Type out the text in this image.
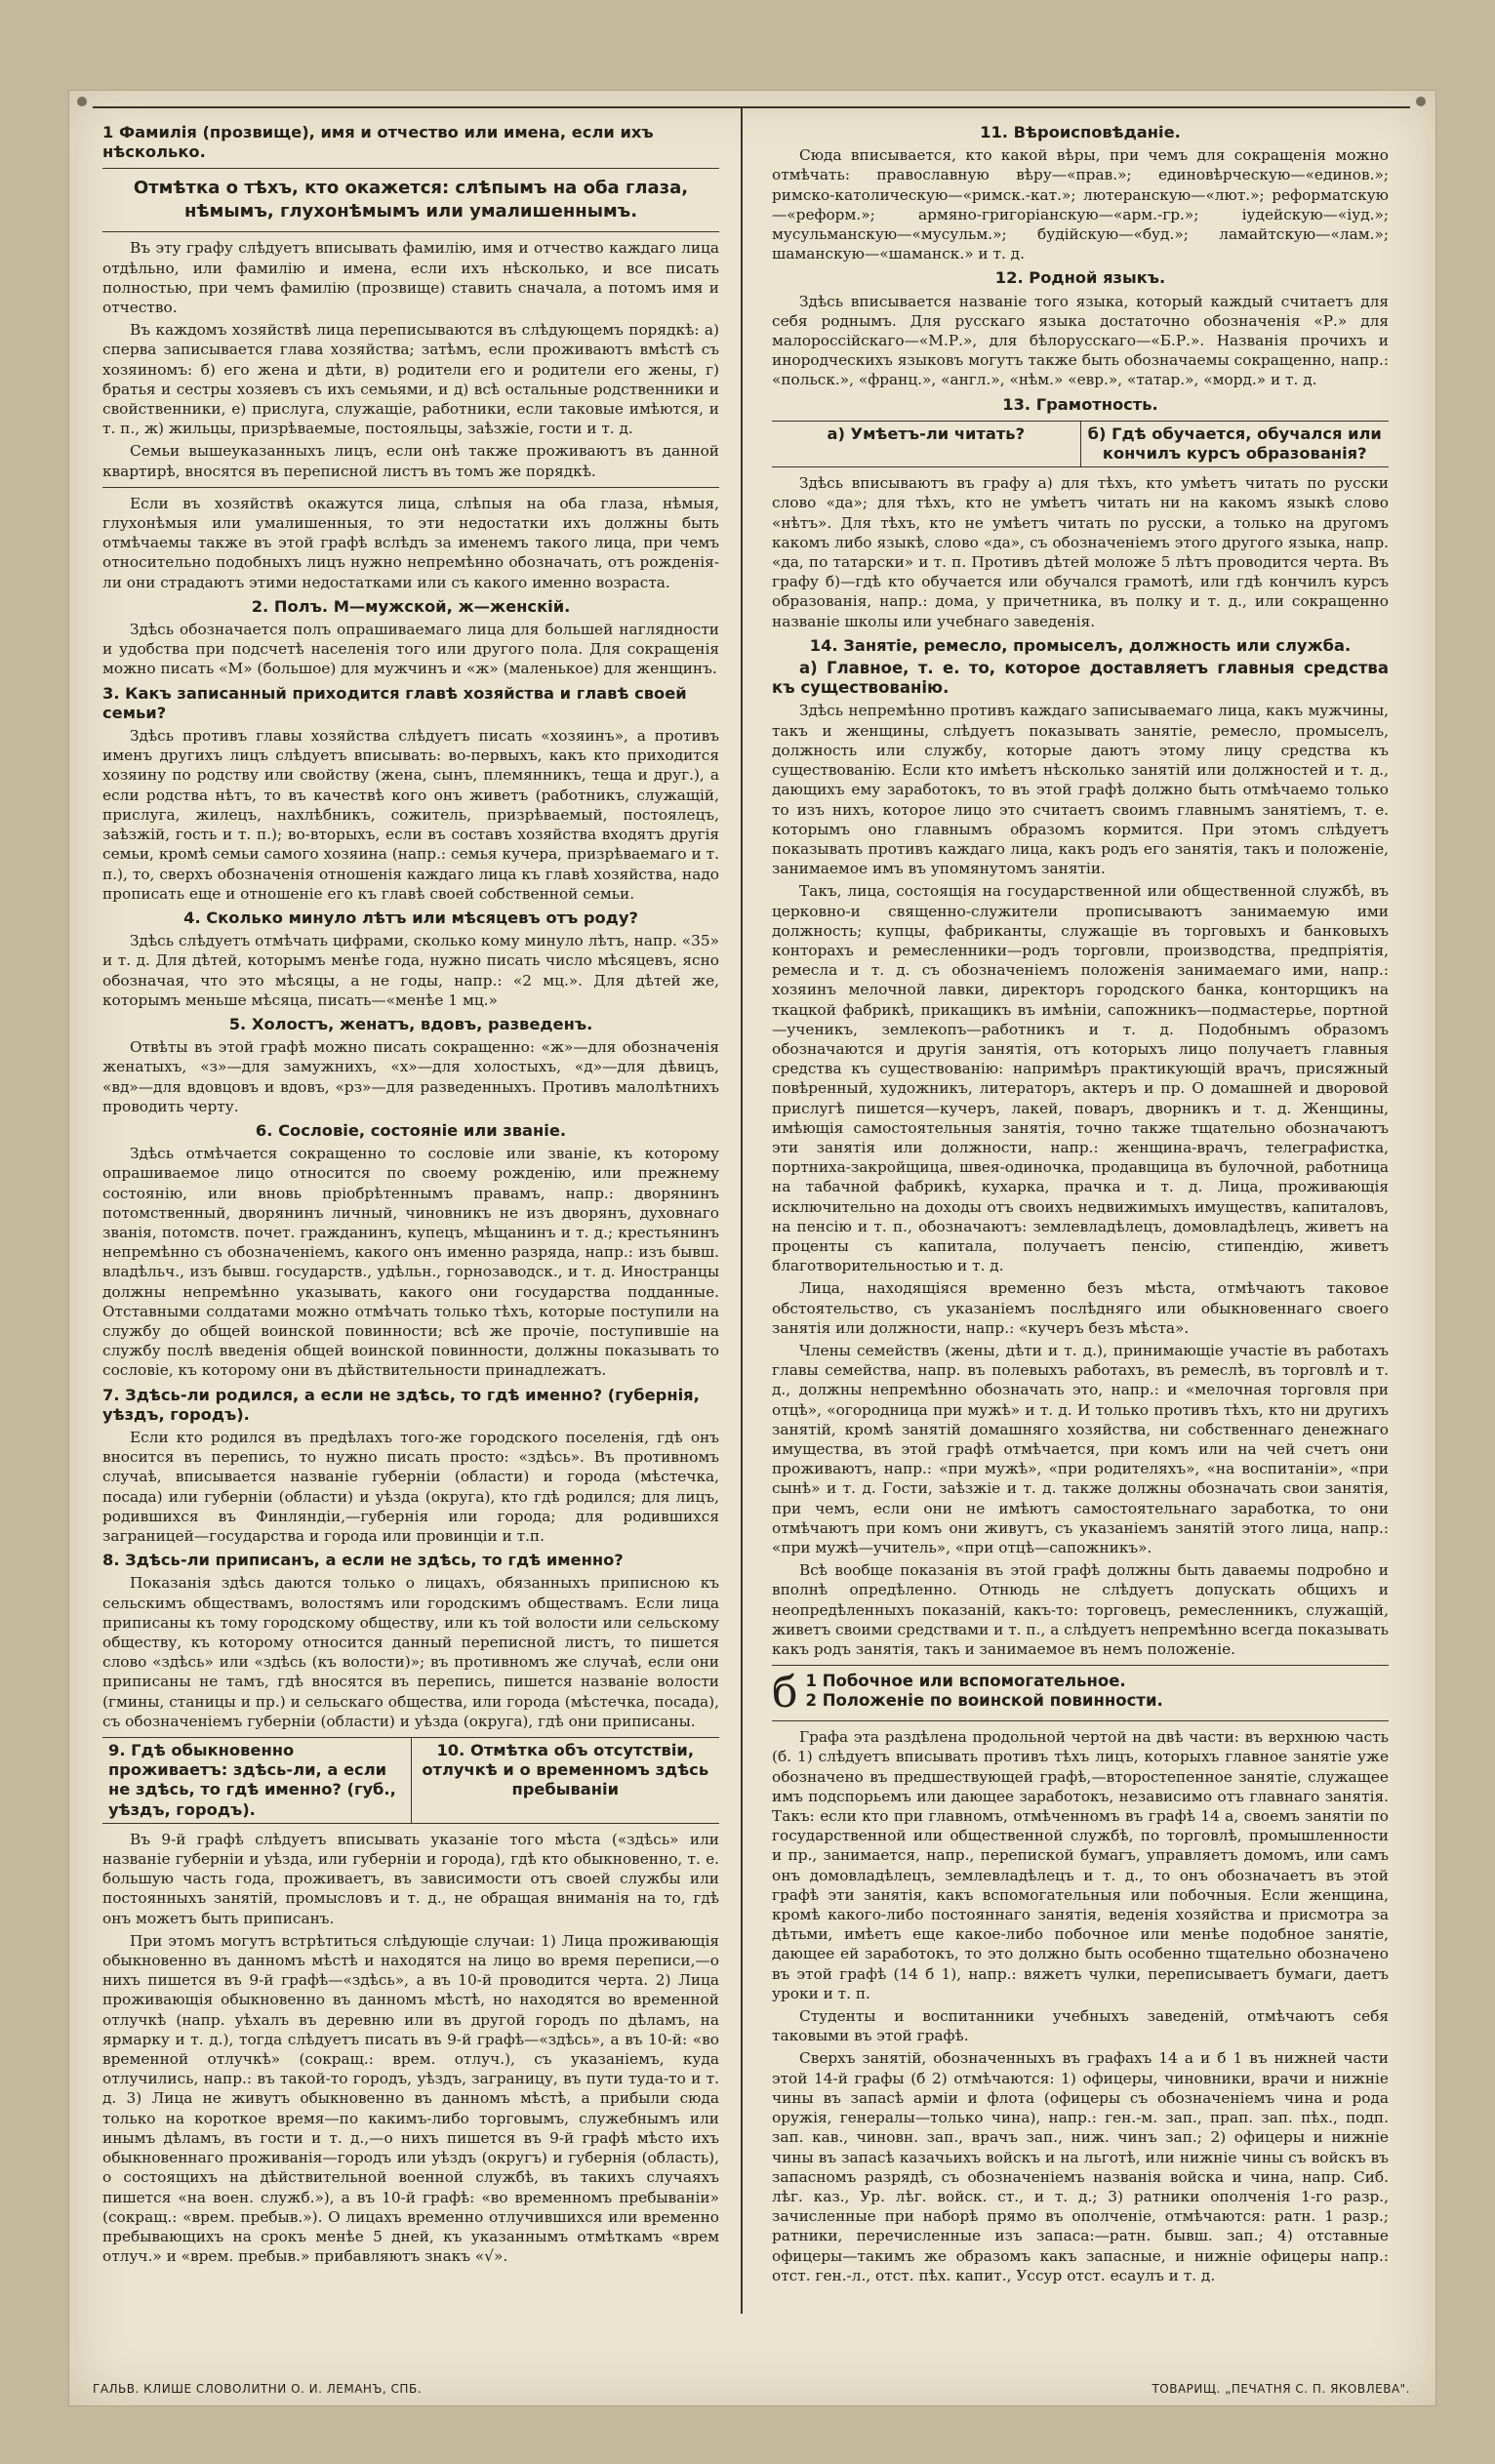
1 Фамилія (прозвище), имя и отчество или имена, если ихъ нѣсколько.
Отмѣтка о тѣхъ, кто окажется: слѣпымъ на оба глаза, нѣмымъ, глухонѣмымъ или умалишеннымъ.

Въ эту графу слѣдуетъ вписывать фамилію, имя и отчество каждаго лица отдѣльно, или фамилію и имена, если ихъ нѣсколько, и все писать полностью, при чемъ фамилію (прозвище) ставить сначала, а потомъ имя и отчество.

Въ каждомъ хозяйствѣ лица переписываются въ слѣдующемъ порядкѣ: а) сперва записывается глава хозяйства; затѣмъ, если проживаютъ вмѣстѣ съ хозяиномъ: б) его жена и дѣти, в) родители его и родители его жены, г) братья и сестры хозяевъ съ ихъ семьями, и д) всѣ остальные родственники и свойственники, е) прислуга, служащіе, работники, если таковые имѣются, и т. п., ж) жильцы, призрѣваемые, постояльцы, заѣзжіе, гости и т. д.

Семьи вышеуказанныхъ лицъ, если онѣ также проживаютъ въ данной квартирѣ, вносятся въ переписной листъ въ томъ же порядкѣ.

Если въ хозяйствѣ окажутся лица, слѣпыя на оба глаза, нѣмыя, глухонѣмыя или умалишенныя, то эти недостатки ихъ должны быть отмѣчаемы также въ этой графѣ вслѣдъ за именемъ такого лица, при чемъ относительно подобныхъ лицъ нужно непремѣнно обозначать, отъ рожденія-ли они страдаютъ этими недостатками или съ какого именно возраста.

2. Полъ. М—мужской, ж—женскій.

Здѣсь обозначается полъ опрашиваемаго лица для большей наглядности и удобства при подсчетѣ населенія того или другого пола. Для сокращенія можно писать «М» (большое) для мужчинъ и «ж» (маленькое) для женщинъ.

3. Какъ записанный приходится главѣ хозяйства и главѣ своей семьи?

Здѣсь противъ главы хозяйства слѣдуетъ писать «хозяинъ», а противъ именъ другихъ лицъ слѣдуетъ вписывать: во-первыхъ, какъ кто приходится хозяину по родству или свойству (жена, сынъ, племянникъ, теща и друг.), а если родства нѣтъ, то въ качествѣ кого онъ живетъ (работникъ, служащій, прислуга, жилецъ, нахлѣбникъ, сожитель, призрѣваемый, постоялецъ, заѣзжій, гость и т. п.); во-вторыхъ, если въ составъ хозяйства входятъ другія семьи, кромѣ семьи самого хозяина (напр.: семья кучера, призрѣваемаго и т. п.), то, сверхъ обозначенія отношенія каждаго лица къ главѣ хозяйства, надо прописать еще и отношеніе его къ главѣ своей собственной семьи.

4. Сколько минуло лѣтъ или мѣсяцевъ отъ роду?

Здѣсь слѣдуетъ отмѣчать цифрами, сколько кому минуло лѣтъ, напр. «35» и т. д. Для дѣтей, которымъ менѣе года, нужно писать число мѣсяцевъ, ясно обозначая, что это мѣсяцы, а не годы, напр.: «2 мц.». Для дѣтей же, которымъ меньше мѣсяца, писать—«менѣе 1 мц.»

5. Холостъ, женатъ, вдовъ, разведенъ.

Отвѣты въ этой графѣ можно писать сокращенно: «ж»—для обозначенія женатыхъ, «з»—для замужнихъ, «х»—для холостыхъ, «д»—для дѣвицъ, «вд»—для вдовцовъ и вдовъ, «рз»—для разведенныхъ. Противъ малолѣтнихъ проводить черту.

6. Сословіе, состояніе или званіе.

Здѣсь отмѣчается сокращенно то сословіе или званіе, къ которому опрашиваемое лицо относится по своему рожденію, или прежнему состоянію, или вновь пріобрѣтеннымъ правамъ, напр.: дворянинъ потомственный, дворянинъ личный, чиновникъ не изъ дворянъ, духовнаго званія, потомств. почет. гражданинъ, купецъ, мѣщанинъ и т. д.; крестьянинъ непремѣнно съ обозначеніемъ, какого онъ именно разряда, напр.: изъ бывш. владѣльч., изъ бывш. государств., удѣльн., горнозаводск., и т. д. Иностранцы должны непремѣнно указывать, какого они государства подданные. Отставными солдатами можно отмѣчать только тѣхъ, которые поступили на службу до общей воинской повинности; всѣ же прочіе, поступившіе на службу послѣ введенія общей воинской повинности, должны показывать то сословіе, къ которому они въ дѣйствительности принадлежатъ.

7. Здѣсь-ли родился, а если не здѣсь, то гдѣ именно? (губернія, уѣздъ, городъ).

Если кто родился въ предѣлахъ того-же городского поселенія, гдѣ онъ вносится въ перепись, то нужно писать просто: «здѣсь». Въ противномъ случаѣ, вписывается названіе губерніи (области) и города (мѣстечка, посада) или губерніи (области) и уѣзда (округа), кто гдѣ родился; для лицъ, родившихся въ Финляндіи,—губернія или города; для родившихся заграницей—государства и города или провинціи и т.п.

8. Здѣсь-ли приписанъ, а если не здѣсь, то гдѣ именно?

Показанія здѣсь даются только о лицахъ, обязанныхъ приписною къ сельскимъ обществамъ, волостямъ или городскимъ обществамъ. Если лица приписаны къ тому городскому обществу, или къ той волости или сельскому обществу, къ которому относится данный переписной листъ, то пишется слово «здѣсь» или «здѣсь (къ волости)»; въ противномъ же случаѣ, если они приписаны не тамъ, гдѣ вносятся въ перепись, пишется названіе волости (гмины, станицы и пр.) и сельскаго общества, или города (мѣстечка, посада), съ обозначеніемъ губерніи (области) и уѣзда (округа), гдѣ они приписаны.

9. Гдѣ обыкновенно проживаетъ: здѣсь-ли, а если не здѣсь, то гдѣ именно? (губ., уѣздъ, городъ).
10. Отмѣтка объ отсутствіи, отлучкѣ и о временномъ здѣсь пребываніи

Въ 9-й графѣ слѣдуетъ вписывать указаніе того мѣста («здѣсь» или названіе губерніи и уѣзда, или губерніи и города), гдѣ кто обыкновенно, т. е. большую часть года, проживаетъ, въ зависимости отъ своей службы или постоянныхъ занятій, промысловъ и т. д., не обращая вниманія на то, гдѣ онъ можетъ быть приписанъ.

При этомъ могутъ встрѣтиться слѣдующіе случаи: 1) Лица проживающія обыкновенно въ данномъ мѣстѣ и находятся на лицо во время переписи,—о нихъ пишется въ 9-й графѣ—«здѣсь», а въ 10-й проводится черта. 2) Лица проживающія обыкновенно въ данномъ мѣстѣ, но находятся во временной отлучкѣ (напр. уѣхалъ въ деревню или въ другой городъ по дѣламъ, на ярмарку и т. д.), тогда слѣдуетъ писать въ 9-й графѣ—«здѣсь», а въ 10-й: «во временной отлучкѣ» (сокращ.: врем. отлуч.), съ указаніемъ, куда отлучились, напр.: въ такой-то городъ, уѣздъ, заграницу, въ пути туда-то и т. д. 3) Лица не живутъ обыкновенно въ данномъ мѣстѣ, а прибыли сюда только на короткое время—по какимъ-либо торговымъ, служебнымъ или инымъ дѣламъ, въ гости и т. д.,—о нихъ пишется въ 9-й графѣ мѣсто ихъ обыкновеннаго проживанія—городъ или уѣздъ (округъ) и губернія (область), о состоящихъ на дѣйствительной военной службѣ, въ такихъ случаяхъ пишется «на воен. служб.»), а въ 10-й графѣ: «во временномъ пребываніи» (сокращ.: «врем. пребыв.»). О лицахъ временно отлучившихся или временно пребывающихъ на срокъ менѣе 5 дней, къ указаннымъ отмѣткамъ «врем отлуч.» и «врем. пребыв.» прибавляютъ знакъ «√».

11. Вѣроисповѣданіе.

Сюда вписывается, кто какой вѣры, при чемъ для сокращенія можно отмѣчать: православную вѣру—«прав.»; единовѣрческую—«единов.»; римско-католическую—«римск.-кат.»; лютеранскую—«лют.»; реформатскую—«реформ.»; армяно-григоріанскую—«арм.-гр.»; іудейскую—«іуд.»; мусульманскую—«мусульм.»; будійскую—«буд.»; ламайтскую—«лам.»; шаманскую—«шаманск.» и т. д.

12. Родной языкъ.

Здѣсь вписывается названіе того языка, который каждый считаетъ для себя роднымъ. Для русскаго языка достаточно обозначенія «Р.» для малороссійскаго—«М.Р.», для бѣлорусскаго—«Б.Р.». Названія прочихъ и инородческихъ языковъ могутъ также быть обозначаемы сокращенно, напр.: «польск.», «франц.», «англ.», «нѣм.» «евр.», «татар.», «морд.» и т. д.

13. Грамотность.
а) Умѣетъ-ли читать?	б) Гдѣ обучается, обучался или кончилъ курсъ образованія?

Здѣсь вписываютъ въ графу а) для тѣхъ, кто умѣетъ читать по русски слово «да»; для тѣхъ, кто не умѣетъ читать ни на какомъ языкѣ слово «нѣтъ». Для тѣхъ, кто не умѣетъ читать по русски, а только на другомъ какомъ либо языкѣ, слово «да», съ обозначеніемъ этого другого языка, напр. «да, по татарски» и т. п. Противъ дѣтей моложе 5 лѣтъ проводится черта. Въ графу б)—гдѣ кто обучается или обучался грамотѣ, или гдѣ кончилъ курсъ образованія, напр.: дома, у причетника, въ полку и т. д., или сокращенно названіе школы или учебнаго заведенія.

14. Занятіе, ремесло, промыселъ, должность или служба.

а) Главное, т. е. то, которое доставляетъ главныя средства къ существованію.

Здѣсь непремѣнно противъ каждаго записываемаго лица, какъ мужчины, такъ и женщины, слѣдуетъ показывать занятіе, ремесло, промыселъ, должность или службу, которые даютъ этому лицу средства къ существованію. Если кто имѣетъ нѣсколько занятій или должностей и т. д., дающихъ ему заработокъ, то въ этой графѣ должно быть отмѣчаемо только то изъ нихъ, которое лицо это считаетъ своимъ главнымъ занятіемъ, т. е. которымъ оно главнымъ образомъ кормится. При этомъ слѣдуетъ показывать противъ каждаго лица, какъ родъ его занятія, такъ и положеніе, занимаемое имъ въ упомянутомъ занятіи.

Такъ, лица, состоящія на государственной или общественной службѣ, въ церковно-и священно-служители прописываютъ занимаемую ими должность; купцы, фабриканты, служащіе въ торговыхъ и банковыхъ конторахъ и ремесленники—родъ торговли, производства, предпріятія, ремесла и т. д. съ обозначеніемъ положенія занимаемаго ими, напр.: хозяинъ мелочной лавки, директоръ городского банка, конторщикъ на ткацкой фабрикѣ, прикащикъ въ имѣніи, сапожникъ—подмастерье, портной—ученикъ, землекопъ—работникъ и т. д. Подобнымъ образомъ обозначаются и другія занятія, отъ которыхъ лицо получаетъ главныя средства къ существованію: напримѣръ практикующій врачъ, присяжный повѣренный, художникъ, литераторъ, актеръ и пр. О домашней и дворовой прислугѣ пишется—кучеръ, лакей, поваръ, дворникъ и т. д. Женщины, имѣющія самостоятельныя занятія, точно также тщательно обозначаютъ эти занятія или должности, напр.: женщина-врачъ, телеграфистка, портниха-закройщица, швея-одиночка, продавщица въ булочной, работница на табачной фабрикѣ, кухарка, прачка и т. д. Лица, проживающія исключительно на доходы отъ своихъ недвижимыхъ имуществъ, капиталовъ, на пенсію и т. п., обозначаютъ: землевладѣлецъ, домовладѣлецъ, живетъ на проценты съ капитала, получаетъ пенсію, стипендію, живетъ благотворительностью и т. д.

Лица, находящіяся временно безъ мѣста, отмѣчаютъ таковое обстоятельство, съ указаніемъ послѣдняго или обыкновеннаго своего занятія или должности, напр.: «кучеръ безъ мѣста».

Члены семействъ (жены, дѣти и т. д.), принимающіе участіе въ работахъ главы семейства, напр. въ полевыхъ работахъ, въ ремеслѣ, въ торговлѣ и т. д., должны непремѣнно обозначать это, напр.: и «мелочная торговля при отцѣ», «огородница при мужѣ» и т. д. И только противъ тѣхъ, кто ни другихъ занятій, кромѣ занятій домашняго хозяйства, ни собственнаго денежнаго имущества, въ этой графѣ отмѣчается, при комъ или на чей счетъ они проживаютъ, напр.: «при мужѣ», «при родителяхъ», «на воспитаніи», «при сынѣ» и т. д. Гости, заѣзжіе и т. д. также должны обозначать свои занятія, при чемъ, если они не имѣютъ самостоятельнаго заработка, то они отмѣчаютъ при комъ они живутъ, съ указаніемъ занятій этого лица, напр.: «при мужѣ—учитель», «при отцѣ—сапожникъ».

Всѣ вообще показанія въ этой графѣ должны быть даваемы подробно и вполнѣ опредѣленно. Отнюдь не слѣдуетъ допускать общихъ и неопредѣленныхъ показаній, какъ-то: торговецъ, ремесленникъ, служащій, живетъ своими средствами и т. п., а слѣдуетъ непремѣнно всегда показывать какъ родъ занятія, такъ и занимаемое въ немъ положеніе.

б 1 Побочное или вспомогательное.
2 Положеніе по воинской повинности.

Графа эта раздѣлена продольной чертой на двѣ части: въ верхнюю часть (б. 1) слѣдуетъ вписывать противъ тѣхъ лицъ, которыхъ главное занятіе уже обозначено въ предшествующей графѣ,—второстепенное занятіе, служащее имъ подспорьемъ или дающее заработокъ, независимо отъ главнаго занятія. Такъ: если кто при главномъ, отмѣченномъ въ графѣ 14 а, своемъ занятіи по государственной или общественной службѣ, по торговлѣ, промышленности и пр., занимается, напр., перепиской бумагъ, управляетъ домомъ, или самъ онъ домовладѣлецъ, землевладѣлецъ и т. д., то онъ обозначаетъ въ этой графѣ эти занятія, какъ вспомогательныя или побочныя. Если женщина, кромѣ какого-либо постояннаго занятія, веденія хозяйства и присмотра за дѣтьми, имѣетъ еще какое-либо побочное или менѣе подобное занятіе, дающее ей заработокъ, то это должно быть особенно тщательно обозначено въ этой графѣ (14 б 1), напр.: вяжетъ чулки, переписываетъ бумаги, даетъ уроки и т. п.

Студенты и воспитанники учебныхъ заведеній, отмѣчаютъ себя таковыми въ этой графѣ.

Сверхъ занятій, обозначенныхъ въ графахъ 14 а и б 1 въ нижней части этой 14-й графы (б 2) отмѣчаются: 1) офицеры, чиновники, врачи и нижніе чины въ запасѣ арміи и флота (офицеры съ обозначеніемъ чина и рода оружія, генералы—только чина), напр.: ген.-м. зап., прап. зап. пѣх., подп. зап. кав., чиновн. зап., врачъ зап., ниж. чинъ зап.; 2) офицеры и нижніе чины въ запасѣ казачьихъ войскъ и на льготѣ, или нижніе чины съ войскъ въ запасномъ разрядѣ, съ обозначеніемъ названія войска и чина, напр. Сиб. лѣг. каз., Ур. лѣг. войск. ст., и т. д.; 3) ратники ополченія 1-го разр., зачисленные при наборѣ прямо въ ополченіе, отмѣчаются: ратн. 1 разр.; ратники, перечисленные изъ запаса:—ратн. бывш. зап.; 4) отставные офицеры—такимъ же образомъ какъ запасные, и нижніе офицеры напр.: отст. ген.-л., отст. пѣх. капит., Уссур отст. есаулъ и т. д.

ГАЛЬВ. КЛИШЕ СЛОВОЛИТНИ О. И. ЛЕМАНЪ, СПБ.	ТОВАРИЩ. „ПЕЧАТНЯ С. П. ЯКОВЛЕВА".
